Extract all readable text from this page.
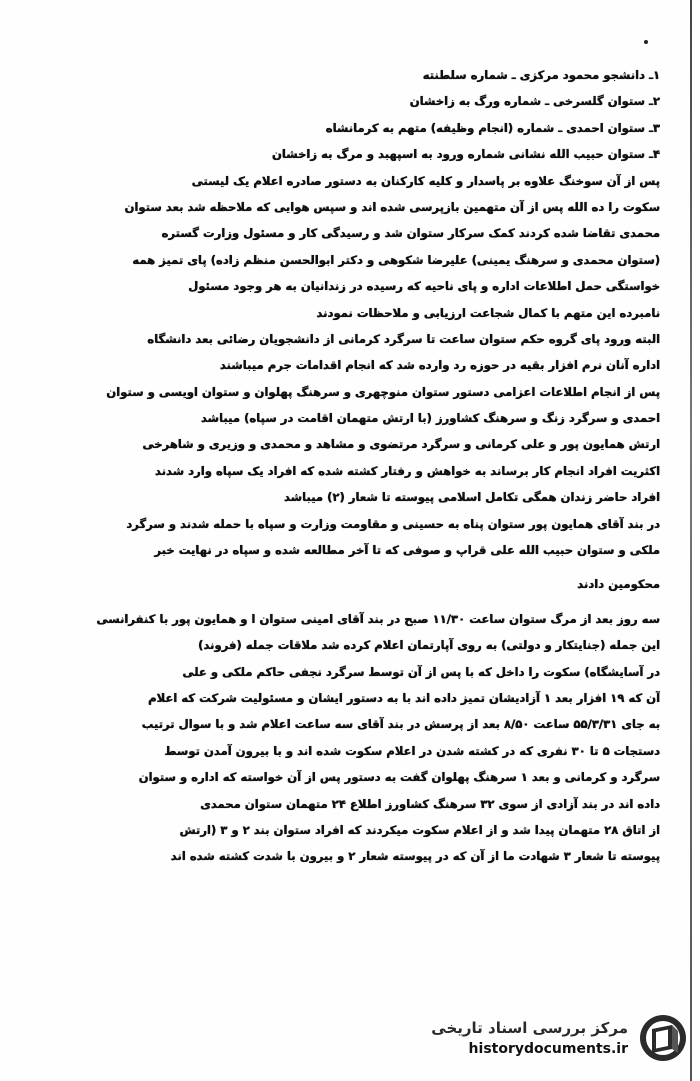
۱ـ دانشجو محمود مرکزی ـ شماره سلطنته
۲ـ ستوان گلسرخی ـ شماره ورگ به زاخشان
۳ـ ستوان احمدی ـ شماره (انجام وظیفه) متهم به کرمانشاه
۴ـ ستوان حبیب الله نشانی شماره ورود به اسپهبد و مرگ به زاخشان
پس از آن سوخنگ علاوه بر پاسدار و کلیه کارکنان به دستور صادره اعلام یک لیستی
سکوت را ده الله پس از آن متهمین بازپرسی شده اند و سپس هوایی که ملاحظه شد بعد ستوان
محمدی تقاضا شده کردند کمک سرکار ستوان شد و رسیدگی کار و مسئول وزارت گستره
(ستوان محمدی و سرهنگ یمینی) علیرضا شکوهی و دکتر ابوالحسن منظم زاده) پای تمیز همه
خواستگی حمل اطلاعات اداره و پای ناحیه که رسیده در زندانیان به هر وجود مسئول
نامبرده این متهم با کمال شجاعت ارزیابی و ملاحظات نمودند
البته ورود پای گروه حکم ستوان ساعت تا سرگرد کرمانی از دانشجویان رضائی بعد دانشگاه
اداره آنان نرم افزار بقیه در حوزه رد وارده شد که انجام اقدامات جرم میباشند
پس از انجام اطلاعات اعزامی دستور ستوان منوچهری و سرهنگ پهلوان و ستوان اویسی و ستوان
احمدی و سرگرد زنگ و سرهنگ کشاورز (با ارتش متهمان اقامت در سپاه) میباشد
ارتش همایون پور و علی کرمانی و سرگرد مرتضوی و مشاهد و محمدی و وزیری و شاهرخی
اکثریت افراد انجام کار برساند به خواهش و رفتار کشته شده که افراد یک سپاه وارد شدند
افراد حاضر زندان همگی تکامل اسلامی پیوسته تا شعار (۲) میباشد
در بند آقای همایون پور ستوان پناه به حسینی و مقاومت وزارت و سپاه با حمله شدند و سرگرد
ملکی و ستوان حبیب الله علی قراپ و صوفی که تا آخر مطالعه شده و سپاه در نهایت خبر
محکومین دادند
سه روز بعد از مرگ ستوان ساعت ۱۱/۳۰ صبح در بند آقای امینی ستوان ا و همایون پور با کنفرانسی
این جمله (جنایتکار و دولتی) به روی آپارتمان اعلام کرده شد ملاقات جمله (فروند)
در آسایشگاه) سکوت را داخل که با پس از آن توسط سرگرد نجفی حاکم ملکی و علی
آن که ۱۹ افزار بعد ۱ آزادیشان تمیز داده اند با به دستور ایشان و مسئولیت شرکت که اعلام
به جای ۵۵/۳/۳۱ ساعت ۸/۵۰ بعد از پرسش در بند آقای سه ساعت اعلام شد و با سوال ترتیب
دستجات ۵ تا ۳۰ نفری که در کشته شدن در اعلام سکوت شده اند و با بیرون آمدن توسط
سرگرد و کرمانی و بعد ۱ سرهنگ پهلوان گفت به دستور پس از آن خواسته که اداره و ستوان
داده اند در بند آزادی از سوی ۳۲ سرهنگ کشاورز اطلاع ۲۴ متهمان ستوان محمدی
از اتاق ۲۸ متهمان پیدا شد و از اعلام سکوت میکردند که افراد ستوان بند ۲ و ۳ (ارتش
پیوسته تا شعار ۳ شهادت ما از آن که در پیوسته شعار ۲ و بیرون با شدت کشته شده اند
مرکز بررسی اسناد تاریخی
historydocuments.ir
